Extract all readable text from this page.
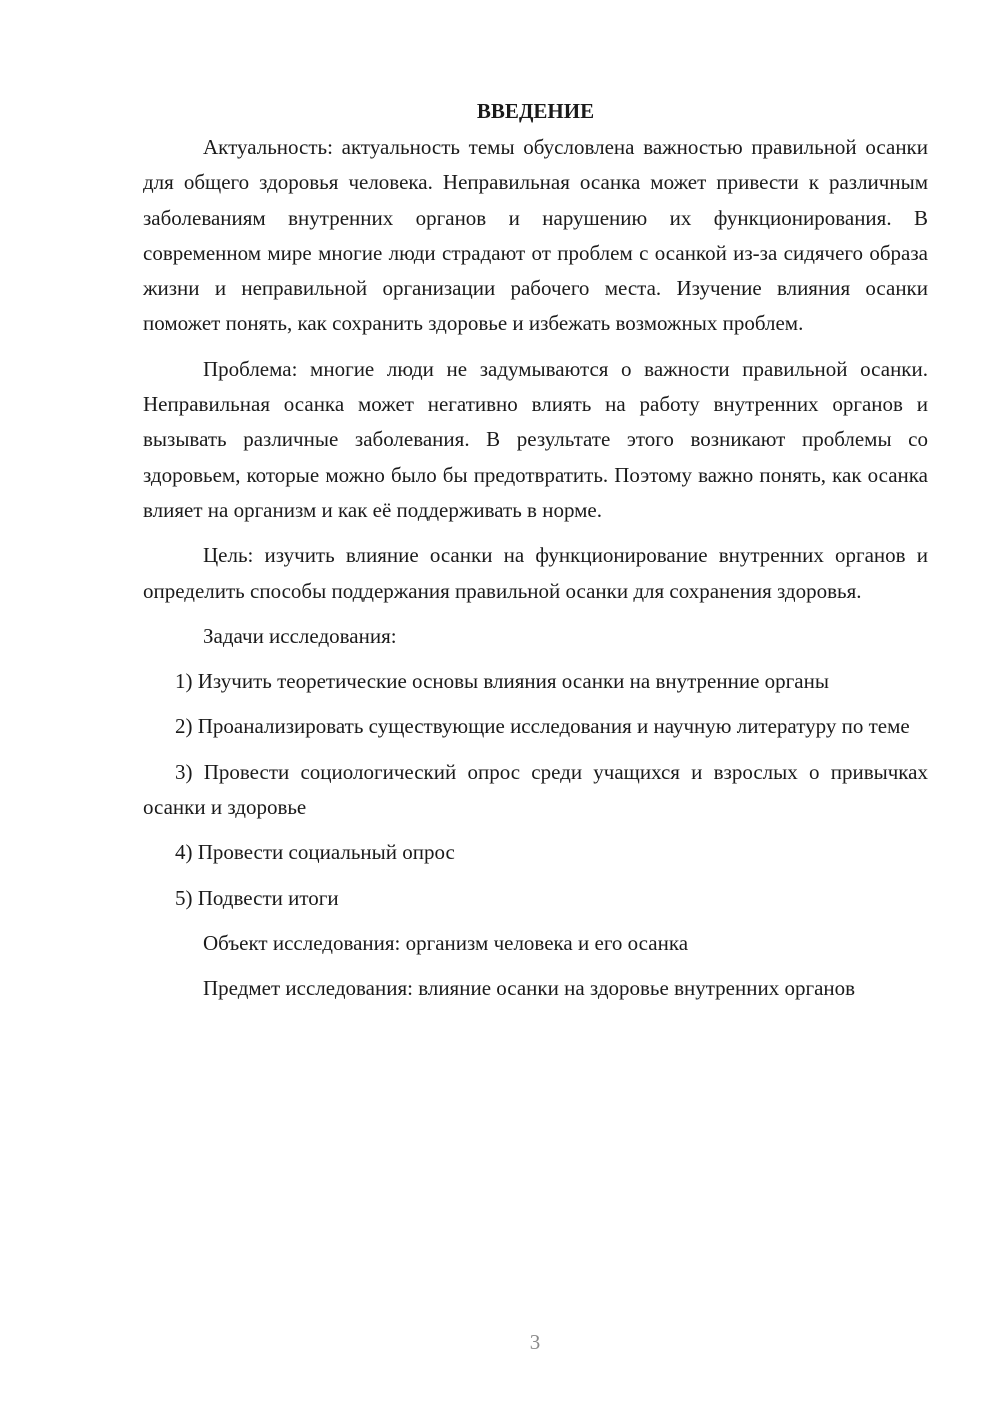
ВВЕДЕНИЕ

Актуальность: актуальность темы обусловлена важностью правильной осанки для общего здоровья человека. Неправильная осанка может привести к различным заболеваниям внутренних органов и нарушению их функционирования. В современном мире многие люди страдают от проблем с осанкой из-за сидячего образа жизни и неправильной организации рабочего места. Изучение влияния осанки поможет понять, как сохранить здоровье и избежать возможных проблем.

Проблема: многие люди не задумываются о важности правильной осанки. Неправильная осанка может негативно влиять на работу внутренних органов и вызывать различные заболевания. В результате этого возникают проблемы со здоровьем, которые можно было бы предотвратить. Поэтому важно понять, как осанка влияет на организм и как её поддерживать в норме.

Цель: изучить влияние осанки на функционирование внутренних органов и определить способы поддержания правильной осанки для сохранения здоровья.

Задачи исследования:

1) Изучить теоретические основы влияния осанки на внутренние органы

2) Проанализировать существующие исследования и научную литературу по теме

3) Провести социологический опрос среди учащихся и взрослых о привычках осанки и здоровье

4) Провести социальный опрос

5) Подвести итоги

Объект исследования: организм человека и его осанка

Предмет исследования: влияние осанки на здоровье внутренних органов

3
